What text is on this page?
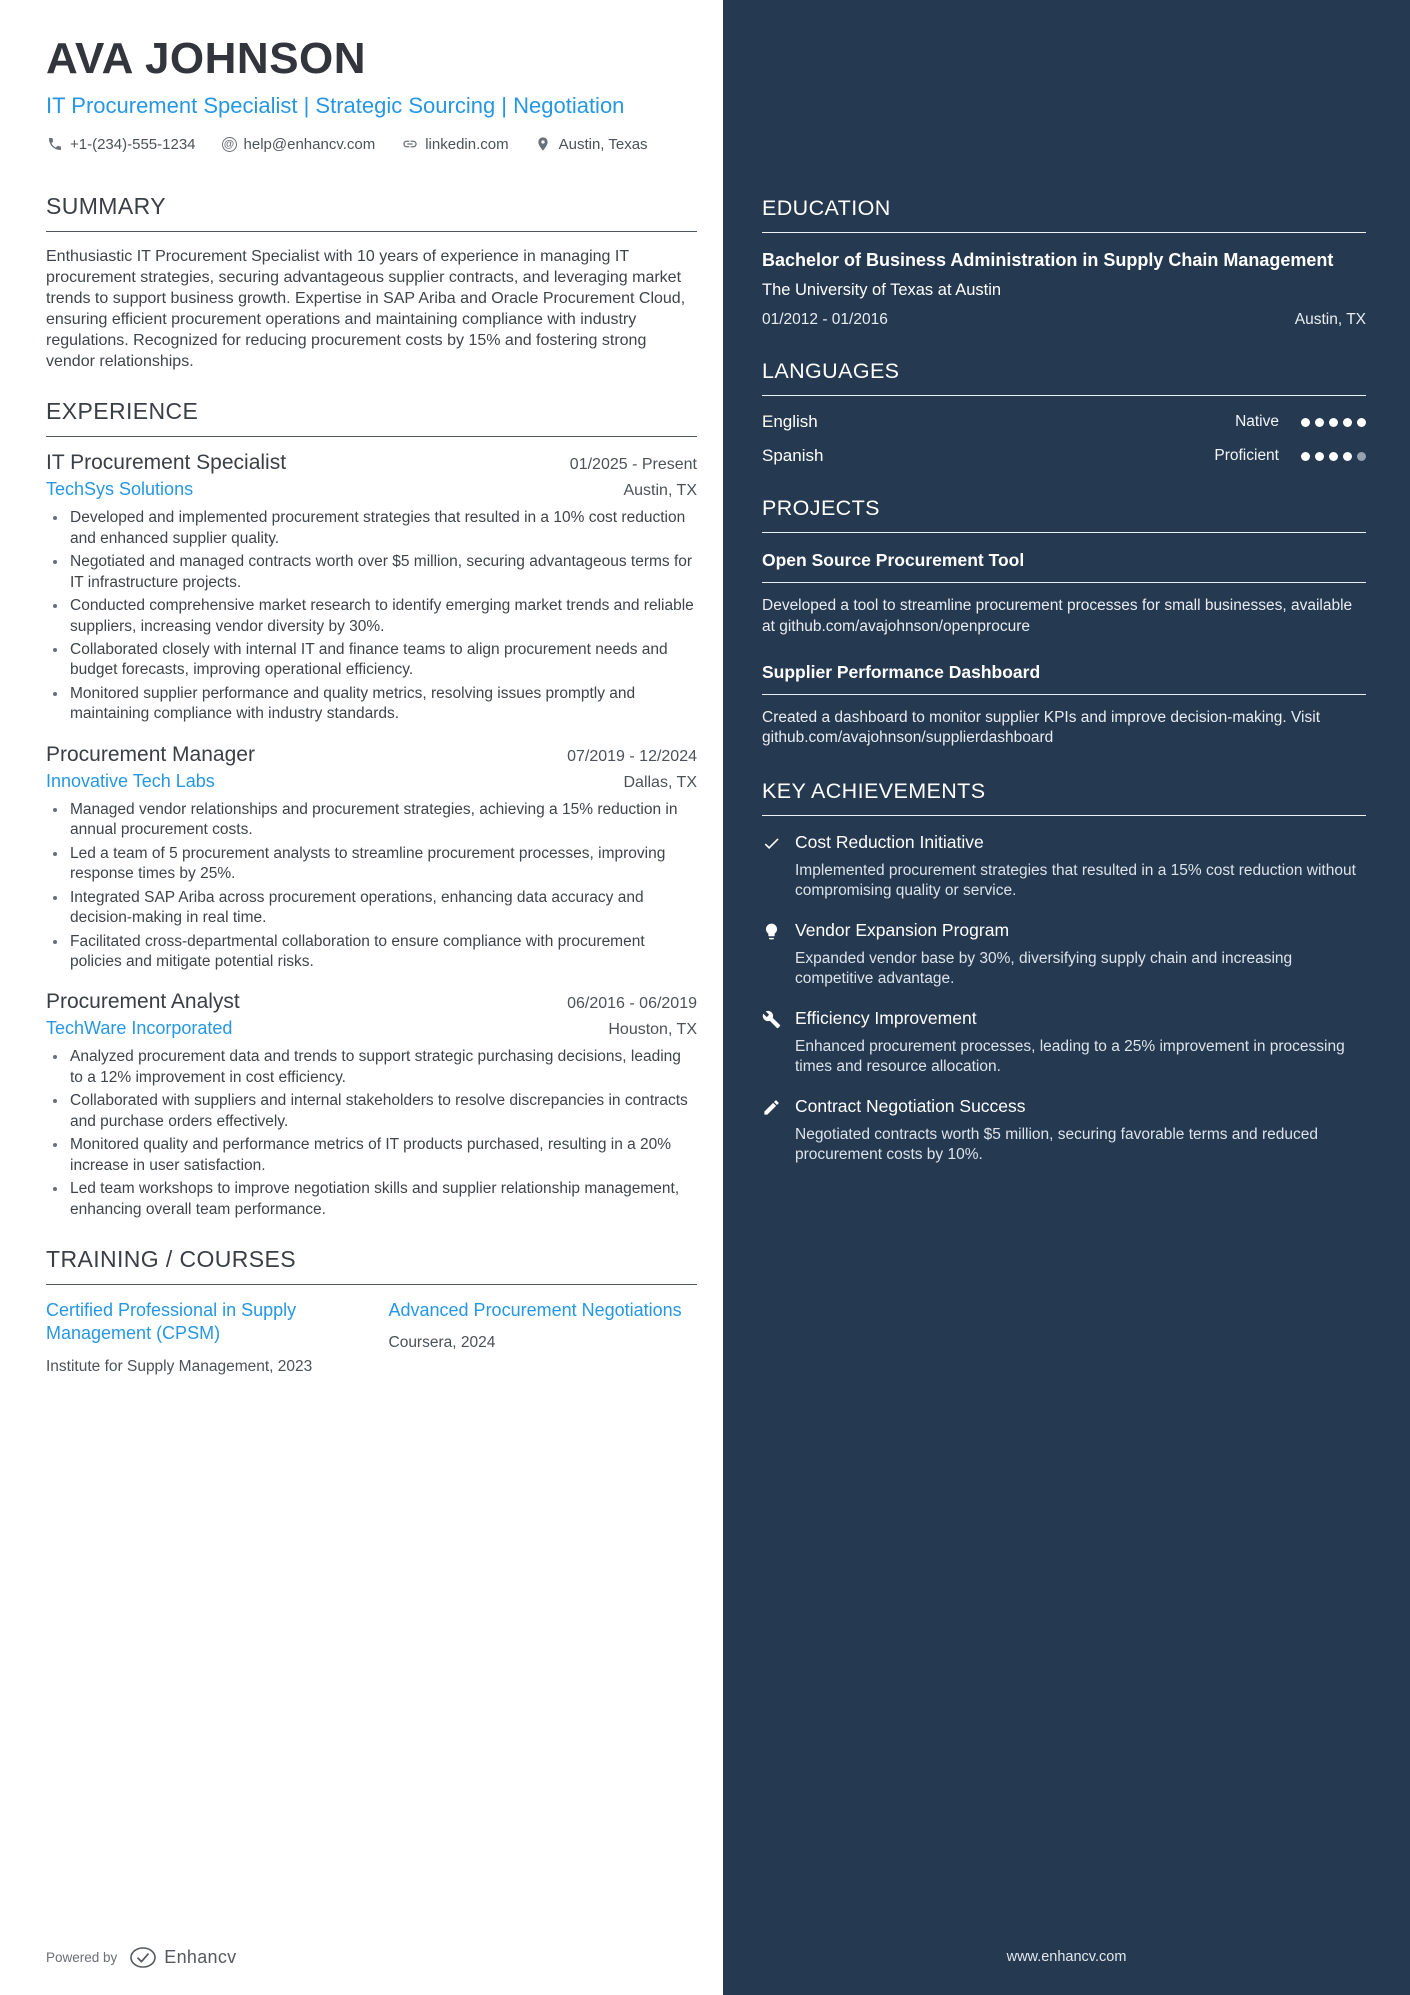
AVA JOHNSON
IT Procurement Specialist | Strategic Sourcing | Negotiation
+1-(234)-555-1234	@ help@enhancv.com	linkedin.com	Austin, Texas
SUMMARY

Enthusiastic IT Procurement Specialist with 10 years of experience in managing IT procurement strategies, securing advantageous supplier contracts, and leveraging market trends to support business growth. Expertise in SAP Ariba and Oracle Procurement Cloud, ensuring efficient procurement operations and maintaining compliance with industry regulations. Recognized for reducing procurement costs by 15% and fostering strong vendor relationships.

EXPERIENCE
IT Procurement Specialist	01/2025 - Present
TechSys Solutions	Austin, TX
• Developed and implemented procurement strategies that resulted in a 10% cost reduction and enhanced supplier quality.
• Negotiated and managed contracts worth over $5 million, securing advantageous terms for IT infrastructure projects.
• Conducted comprehensive market research to identify emerging market trends and reliable suppliers, increasing vendor diversity by 30%.
• Collaborated closely with internal IT and finance teams to align procurement needs and budget forecasts, improving operational efficiency.
• Monitored supplier performance and quality metrics, resolving issues promptly and maintaining compliance with industry standards.
Procurement Manager	07/2019 - 12/2024
Innovative Tech Labs	Dallas, TX
• Managed vendor relationships and procurement strategies, achieving a 15% reduction in annual procurement costs.
• Led a team of 5 procurement analysts to streamline procurement processes, improving response times by 25%.
• Integrated SAP Ariba across procurement operations, enhancing data accuracy and decision-making in real time.
• Facilitated cross-departmental collaboration to ensure compliance with procurement policies and mitigate potential risks.
Procurement Analyst	06/2016 - 06/2019
TechWare Incorporated	Houston, TX
• Analyzed procurement data and trends to support strategic purchasing decisions, leading to a 12% improvement in cost efficiency.
• Collaborated with suppliers and internal stakeholders to resolve discrepancies in contracts and purchase orders effectively.
• Monitored quality and performance metrics of IT products purchased, resulting in a 20% increase in user satisfaction.
• Led team workshops to improve negotiation skills and supplier relationship management, enhancing overall team performance.
TRAINING / COURSES
Certified Professional in Supply Management (CPSM)
Institute for Supply Management, 2023
Advanced Procurement Negotiations
Coursera, 2024
EDUCATION
Bachelor of Business Administration in Supply Chain Management
The University of Texas at Austin
01/2012 - 01/2016	Austin, TX
LANGUAGES
English	Native
Spanish	Proficient
PROJECTS
Open Source Procurement Tool

Developed a tool to streamline procurement processes for small businesses, available at github.com/avajohnson/openprocure

Supplier Performance Dashboard

Created a dashboard to monitor supplier KPIs and improve decision-making. Visit github.com/avajohnson/supplierdashboard

KEY ACHIEVEMENTS
Cost Reduction Initiative
Implemented procurement strategies that resulted in a 15% cost reduction without compromising quality or service.
Vendor Expansion Program
Expanded vendor base by 30%, diversifying supply chain and increasing competitive advantage.
Efficiency Improvement
Enhanced procurement processes, leading to a 25% improvement in processing times and resource allocation.
Contract Negotiation Success
Negotiated contracts worth $5 million, securing favorable terms and reduced procurement costs by 10%.
Powered by	Enhancv	www.enhancv.com
